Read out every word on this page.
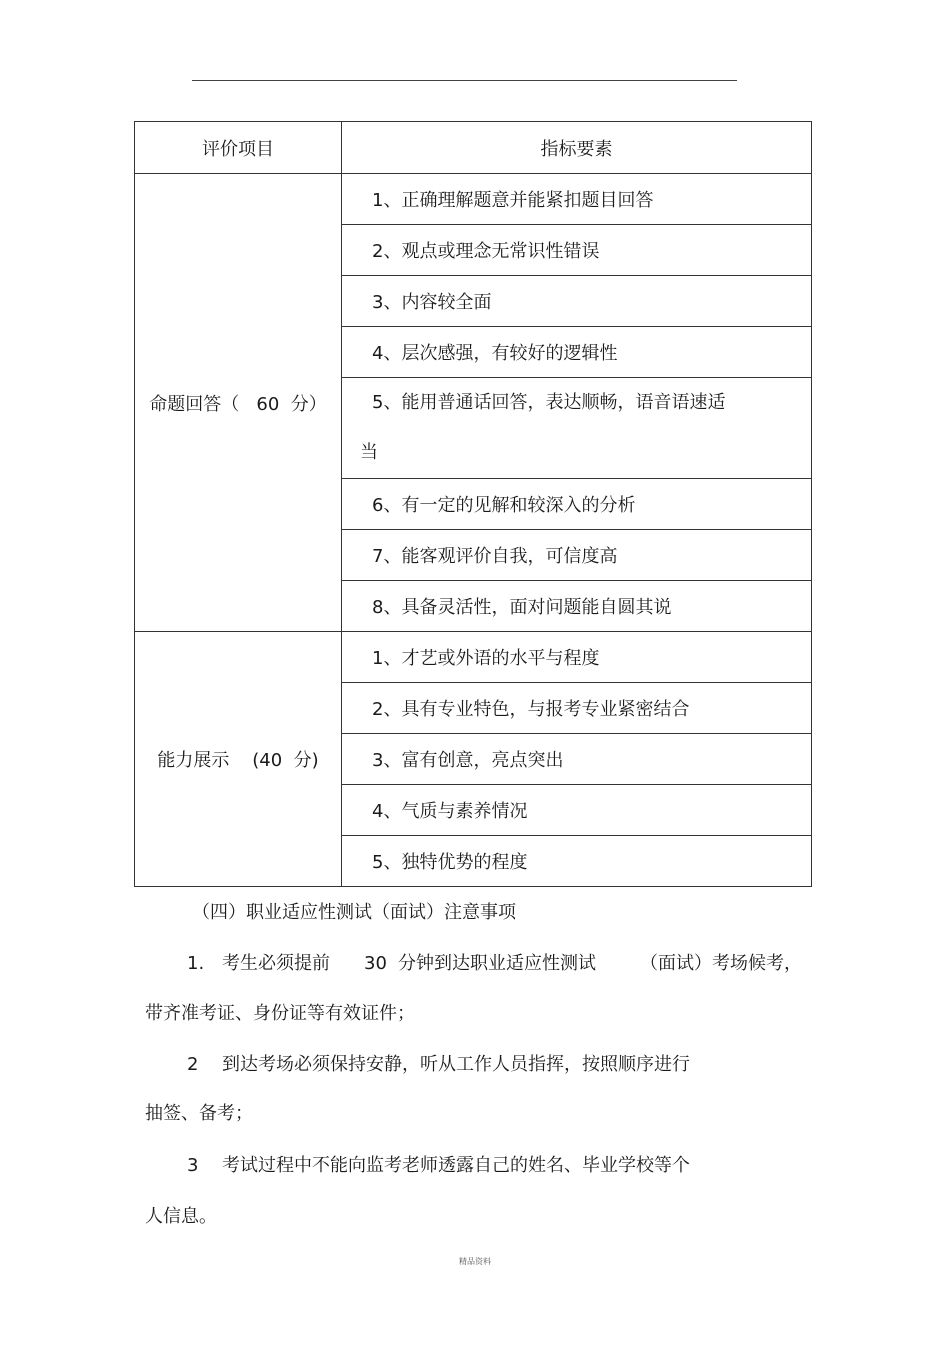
评价项目	指标要素
命题回答（   60  分）	1、正确理解题意并能紧扣题目回答
	2、观点或理念无常识性错误
	3、内容较全面
	4、层次感强，有较好的逻辑性

	5、能用普通话回答，表达顺畅，语音语速适
当

	6、有一定的见解和较深入的分析
	7、能客观评价自我，可信度高
	8、具备灵活性，面对问题能自圆其说
能力展示    (40  分)	1、才艺或外语的水平与程度
	2、具有专业特色，与报考专业紧密结合
	3、富有创意，亮点突出
	4、气质与素养情况
	5、独特优势的程度
（四）职业适应性测试（面试）注意事项
1. 考生必须提前 30 分钟到达职业适应性测试 （面试）考场候考，
带齐准考证、身份证等有效证件；
2 到达考场必须保持安静，听从工作人员指挥，按照顺序进行
抽签、备考；
3 考试过程中不能向监考老师透露自己的姓名、毕业学校等个
人信息。
精品资料
